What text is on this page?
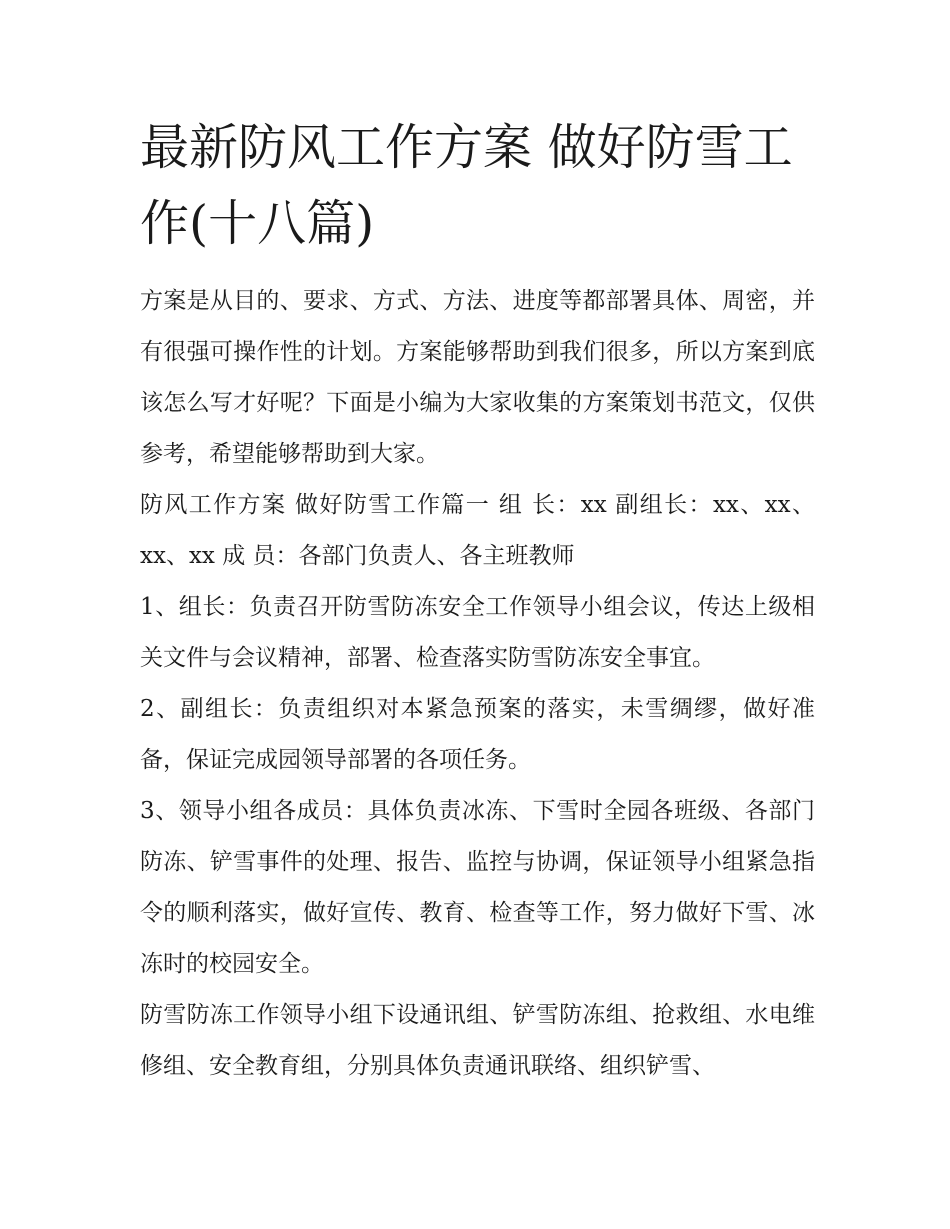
最新防风工作方案 做好防雪工作(十八篇)

方案是从目的、要求、方式、方法、进度等都部署具体、周密，并有很强可操作性的计划。方案能够帮助到我们很多，所以方案到底该怎么写才好呢？下面是小编为大家收集的方案策划书范文，仅供参考，希望能够帮助到大家。

防风工作方案 做好防雪工作篇一 组 长：xx 副组长：xx、xx、xx、xx 成 员：各部门负责人、各主班教师

1、组长：负责召开防雪防冻安全工作领导小组会议，传达上级相关文件与会议精神，部署、检查落实防雪防冻安全事宜。

2、副组长：负责组织对本紧急预案的落实，未雪绸缪，做好准备，保证完成园领导部署的各项任务。

3、领导小组各成员：具体负责冰冻、下雪时全园各班级、各部门防冻、铲雪事件的处理、报告、监控与协调，保证领导小组紧急指令的顺利落实，做好宣传、教育、检查等工作，努力做好下雪、冰冻时的校园安全。

防雪防冻工作领导小组下设通讯组、铲雪防冻组、抢救组、水电维修组、安全教育组，分别具体负责通讯联络、组织铲雪、
